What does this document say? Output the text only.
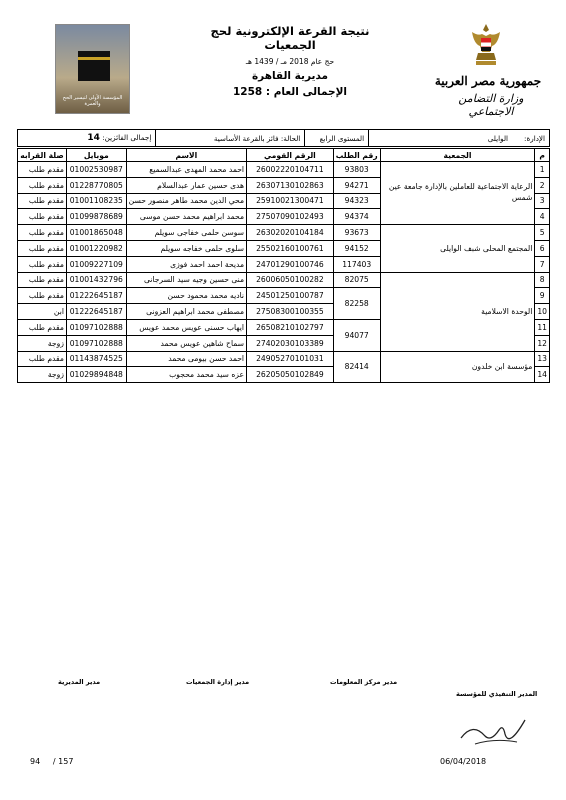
جمهورية مصر العربية
وزارة التضامن الاجتماعي
نتيجة القرعة الإلكترونية لحج الجمعيات
حج عام 2018 مـ / 1439 هـ
مديرية القاهرة
الإجمالى العام : 1258
المؤسسة الأولى لتيسير الحج والعمرة
الإدارة:       الوايلى	المستوى الرابع	الحالة: فائز بالقرعة الأساسية	إجمالى الفائزين: 14
م	الجمعية	رقم الطلب	الرقم القومي	الاسم	موبايل	صلة القرابه
1	الرعاية الاجتماعية للعاملين بالإدارة جامعة عين شمس	93803	26002220104711	احمد محمد المهدى عبدالسميع	01002530987	مقدم طلب
2		94271	26307130102863	هدى حسين عمار عبدالسلام	01228770805	مقدم طلب
3		94323	25910021300471	محي الدين محمد طاهر منصور حسن	01001108235	مقدم طلب
4		94374	27507090102493	محمد ابراهيم محمد حسن موسى	01099878689	مقدم طلب
5	المجتمع المحلى شبف الوايلى	93673	26302020104184	سوسن حلمى خفاجى سويلم	01001865048	مقدم طلب
6		94152	25502160100761	سلوى حلمى خفاجه سويلم	01001220982	مقدم طلب
7		117403	24701290100746	مديحة احمد احمد فوزى	01009227109	مقدم طلب
8	الوحدة الاسلامية	82075	26006050100282	منى حسين وجيه سيد السرجانى	01001432796	مقدم طلب
9		82258	24501250100787	ناديه محمد محمود حسن	01222645187	مقدم طلب
10			27508300100355	مصطفى محمد ابراهيم العزونى	01222645187	ابن
11		94077	26508210102797	ايهاب حسنى عويس محمد عويس	01097102888	مقدم طلب
12			27402030103389	سماح شاهين عويس محمد	01097102888	زوجة
13	مؤسسة ابن خلدون	82414	24905270101031	احمد حسن بيومى محمد	01143874525	مقدم طلب
14			26205050102849	عزه سيد محمد محجوب	01029894848	زوجة
مدير مركز المعلومات
مدير إدارة الجمعيات
مدير المديرية
المدير التنفيذي للمؤسسة
94 / 157	06/04/2018
